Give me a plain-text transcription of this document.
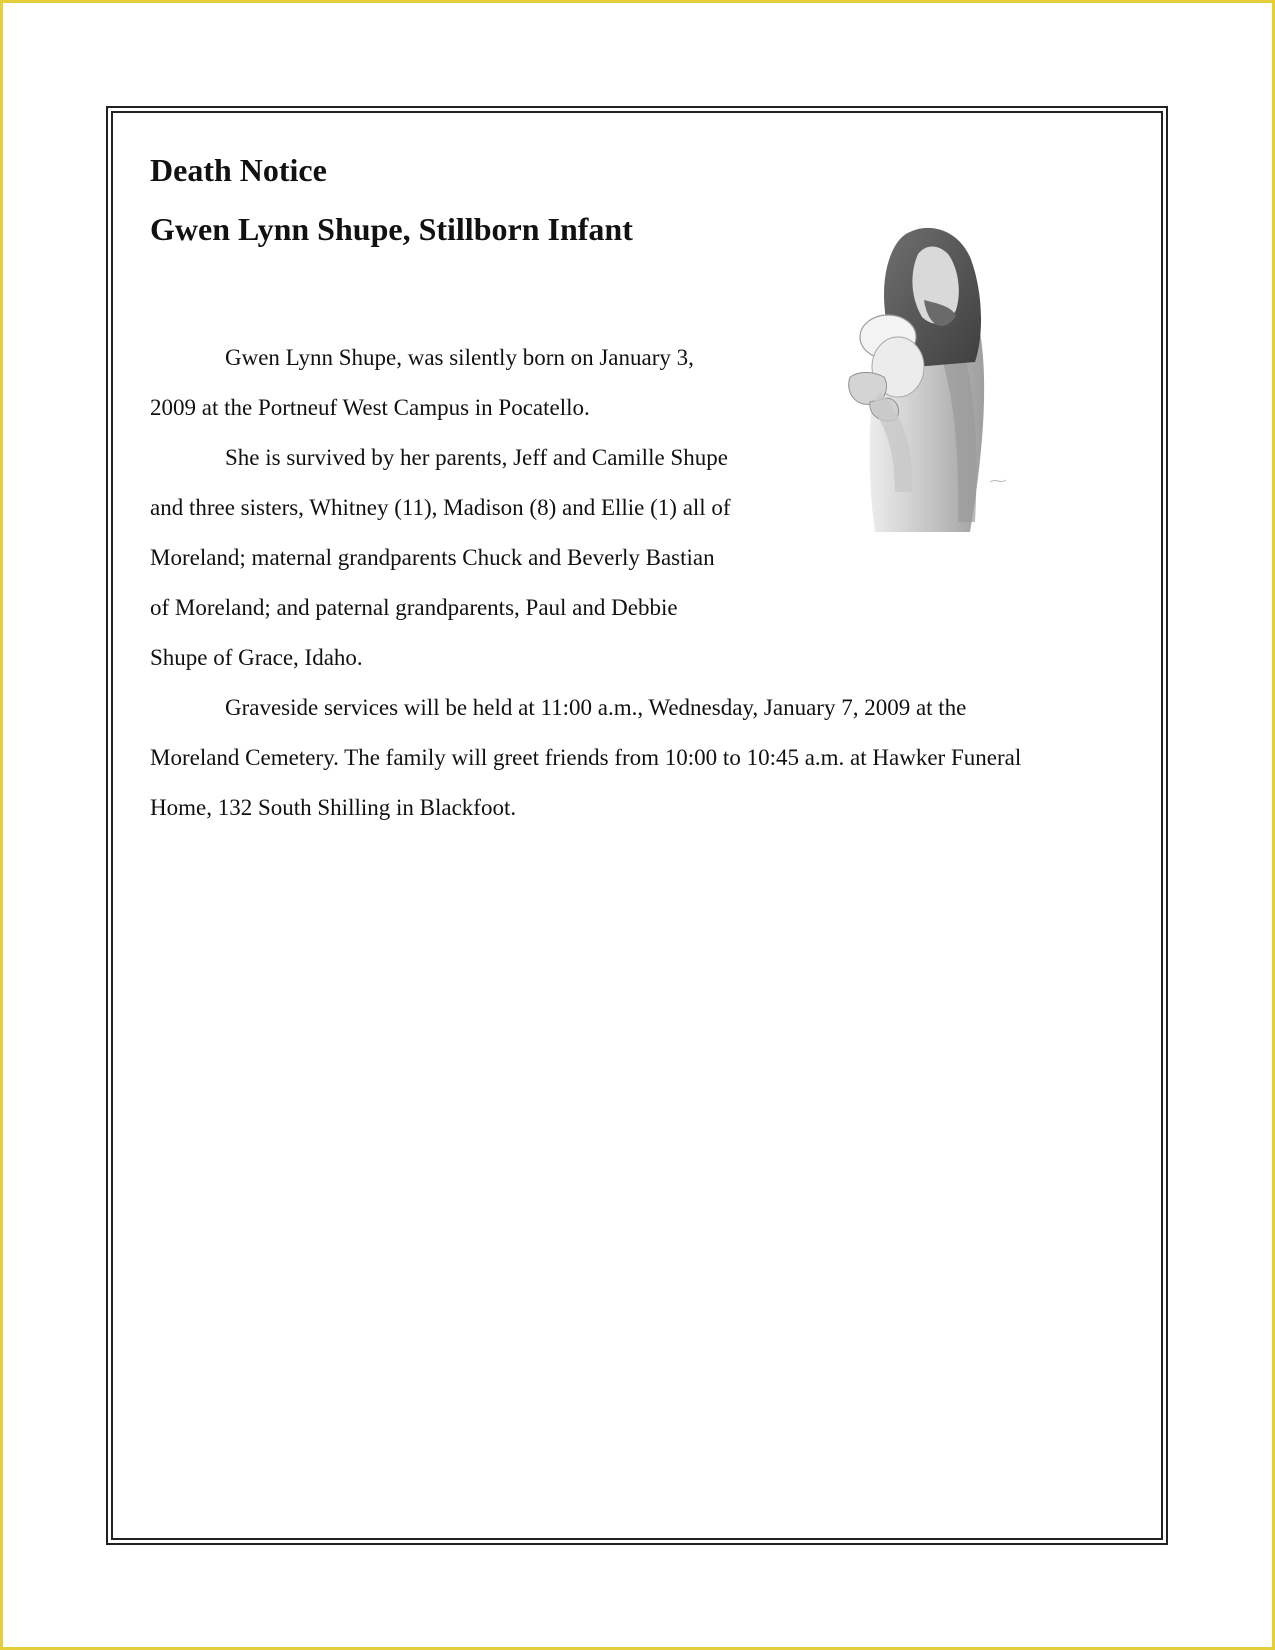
Death Notice
Gwen Lynn Shupe, Stillborn Infant

Gwen Lynn Shupe, was silently born on January 3,

2009 at the Portneuf West Campus in Pocatello.

She is survived by her parents, Jeff and Camille Shupe

and three sisters, Whitney (11), Madison (8) and Ellie (1) all of

Moreland; maternal grandparents Chuck and Beverly Bastian

of Moreland; and paternal grandparents, Paul and Debbie

Shupe of Grace, Idaho.

Graveside services will be held at 11:00 a.m., Wednesday, January 7, 2009 at the

Moreland Cemetery. The family will greet friends from 10:00 to 10:45 a.m. at Hawker Funeral

Home, 132 South Shilling in Blackfoot.
